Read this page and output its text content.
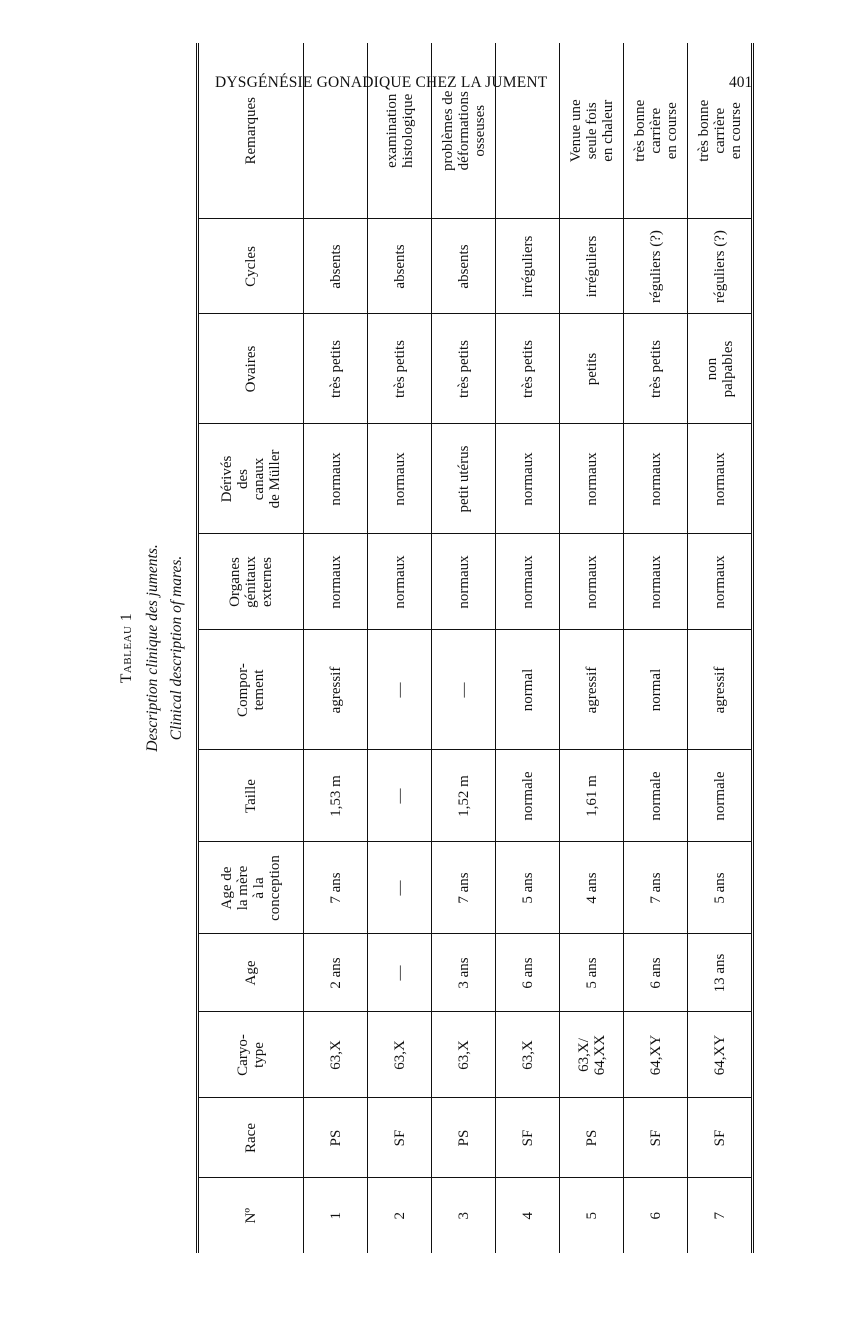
DYSGÉNÉSIE GONADIQUE CHEZ LA JUMENT	401
Tableau 1 Description clinique des juments. Clinical description of mares.
Nº	Race	Caryo- type	Age	Age de la mère à la conception	Taille	Compor- tement	Organes génitaux externes	Dérivés des canaux de Müller	Ovaires	Cycles	Remarques

1	PS	63,X	2 ans	7 ans	1,53 m	agressif	normaux	normaux	très petits	absents	

2	SF	63,X	—	—	—	—	normaux	normaux	très petits	absents	examination histologique

3	PS	63,X	3 ans	7 ans	1,52 m	—	normaux	petit utérus	très petits	absents	problèmes de déformations osseuses

4	SF	63,X	6 ans	5 ans	normale	normal	normaux	normaux	très petits	irréguliers	

5	PS	63,X/ 64,XX	5 ans	4 ans	1,61 m	agressif	normaux	normaux	petits	irréguliers	Venue une seule fois en chaleur

6	SF	64,XY	6 ans	7 ans	normale	normal	normaux	normaux	très petits	réguliers (?)	très bonne carrière en course

7	SF	64,XY	13 ans	5 ans	normale	agressif	normaux	normaux	non palpables	réguliers (?)	très bonne carrière en course
